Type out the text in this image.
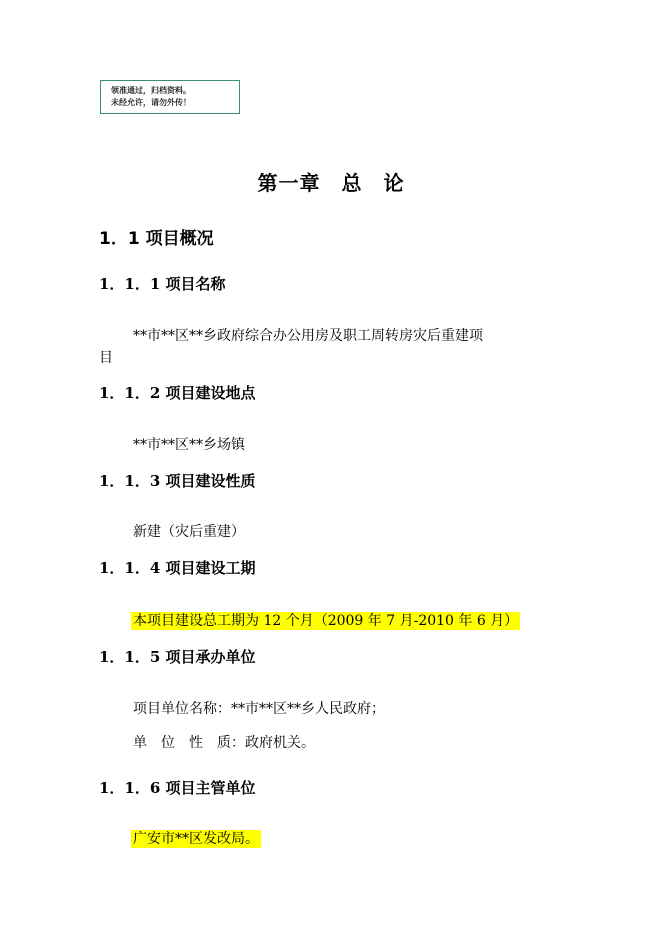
领准通过，归档资料。
未经允许，请勿外传！
第一章　总　论
1．1 项目概况
1．1．1 项目名称
**市**区**乡政府综合办公用房及职工周转房灾后重建项
目
1．1．2 项目建设地点
**市**区**乡场镇
1．1．3 项目建设性质
新建（灾后重建）
1．1．4 项目建设工期
本项目建设总工期为 12 个月（2009 年 7 月-2010 年 6 月）
1．1．5 项目承办单位
项目单位名称：**市**区**乡人民政府；
单　位　性　质：政府机关。
1．1．6 项目主管单位
广安市**区发改局。
